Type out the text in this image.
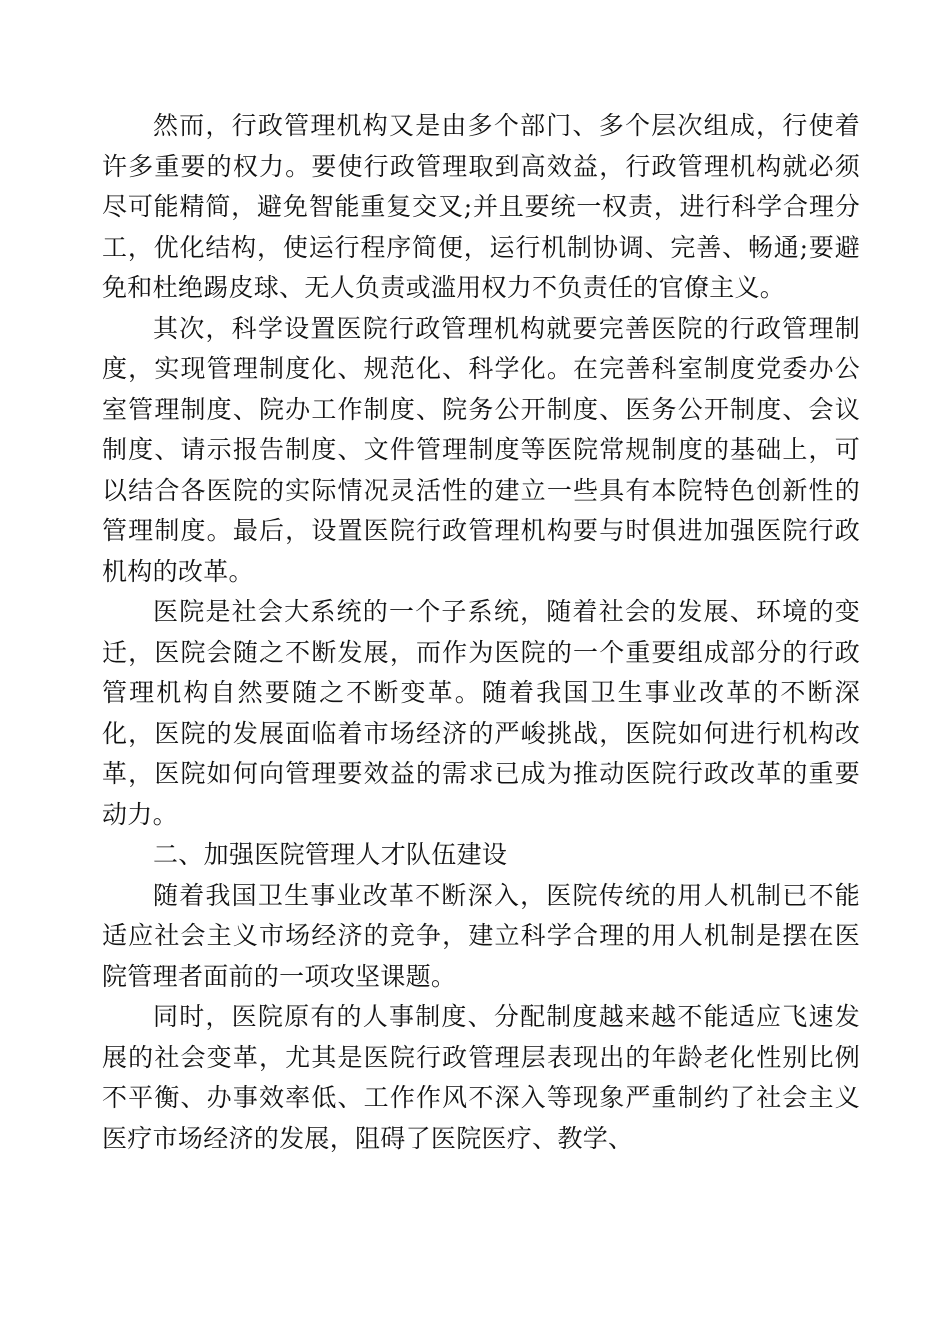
然而，行政管理机构又是由多个部门、多个层次组成，行使着许多重要的权力。要使行政管理取到高效益，行政管理机构就必须尽可能精简，避免智能重复交叉;并且要统一权责，进行科学合理分工，优化结构，使运行程序简便，运行机制协调、完善、畅通;要避免和杜绝踢皮球、无人负责或滥用权力不负责任的官僚主义。

其次，科学设置医院行政管理机构就要完善医院的行政管理制度，实现管理制度化、规范化、科学化。在完善科室制度党委办公室管理制度、院办工作制度、院务公开制度、医务公开制度、会议制度、请示报告制度、文件管理制度等医院常规制度的基础上，可以结合各医院的实际情况灵活性的建立一些具有本院特色创新性的管理制度。最后，设置医院行政管理机构要与时俱进加强医院行政机构的改革。

医院是社会大系统的一个子系统，随着社会的发展、环境的变迁，医院会随之不断发展，而作为医院的一个重要组成部分的行政管理机构自然要随之不断变革。随着我国卫生事业改革的不断深化，医院的发展面临着市场经济的严峻挑战，医院如何进行机构改革，医院如何向管理要效益的需求已成为推动医院行政改革的重要动力。

二、加强医院管理人才队伍建设

随着我国卫生事业改革不断深入，医院传统的用人机制已不能适应社会主义市场经济的竞争，建立科学合理的用人机制是摆在医院管理者面前的一项攻坚课题。

同时，医院原有的人事制度、分配制度越来越不能适应飞速发展的社会变革，尤其是医院行政管理层表现出的年龄老化性别比例不平衡、办事效率低、工作作风不深入等现象严重制约了社会主义医疗市场经济的发展，阻碍了医院医疗、教学、
